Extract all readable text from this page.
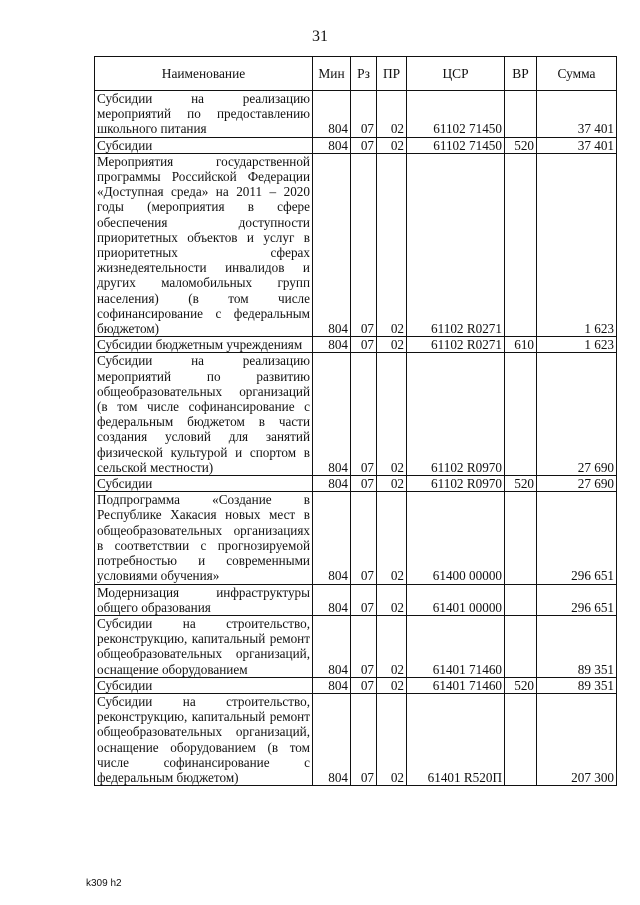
31
Наименование	Мин	Рз	ПР	ЦСР	ВР	Сумма
Субсидии на реализацию мероприятий по предоставлению школьного питания	804	07	02	61102 71450		37 401
Субсидии	804	07	02	61102 71450	520	37 401
Мероприятия государственной программы Российской Федерации «Доступная среда» на 2011 – 2020 годы (мероприятия в сфере обеспечения доступности приоритетных объектов и услуг в приоритетных сферах жизнедеятельности инвалидов и других маломобильных групп населения) (в том числе софинансирование с федеральным бюджетом)	804	07	02	61102 R0271		1 623
Субсидии бюджетным учреждениям	804	07	02	61102 R0271	610	1 623
Субсидии на реализацию мероприятий по развитию общеобразовательных организаций (в том числе софинансирование с федеральным бюджетом в части создания условий для занятий физической культурой и спортом в сельской местности)	804	07	02	61102 R0970		27 690
Субсидии	804	07	02	61102 R0970	520	27 690
Подпрограмма «Создание в Республике Хакасия новых мест в общеобразовательных организациях в соответствии с прогнозируемой потребностью и современными условиями обучения»	804	07	02	61400 00000		296 651
Модернизация инфраструктуры общего образования	804	07	02	61401 00000		296 651
Субсидии на строительство, реконструкцию, капитальный ремонт общеобразовательных организаций, оснащение оборудованием	804	07	02	61401 71460		89 351
Субсидии	804	07	02	61401 71460	520	89 351
Субсидии на строительство, реконструкцию, капитальный ремонт общеобразовательных организаций, оснащение оборудованием (в том числе софинансирование с федеральным бюджетом)	804	07	02	61401 R520П		207 300
k309 h2
